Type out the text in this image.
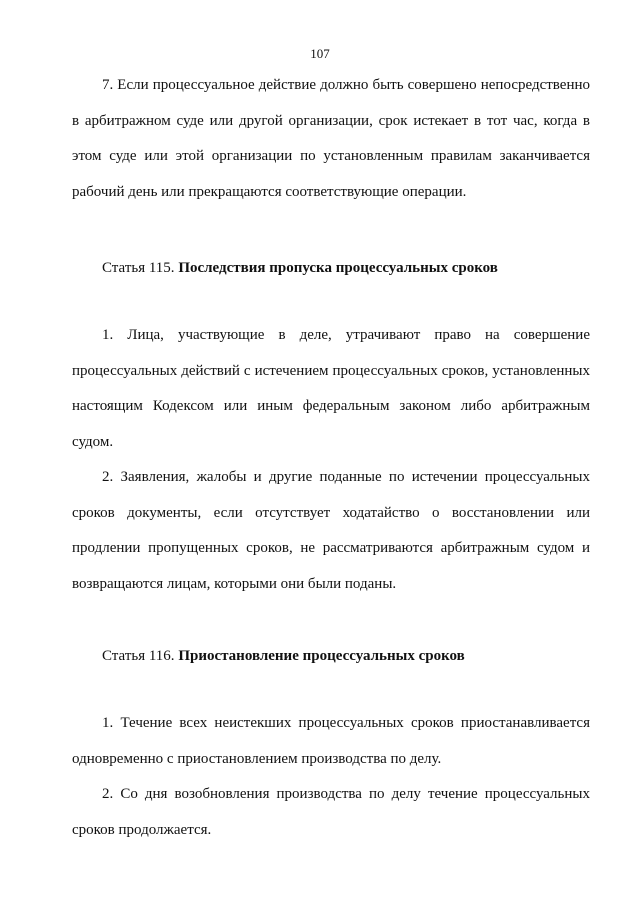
107

7. Если процессуальное действие должно быть совершено непосредственно в арбитражном суде или другой организации, срок истекает в тот час, когда в этом суде или этой организации по установленным правилам заканчивается рабочий день или прекращаются соответствующие операции.

Статья 115. Последствия пропуска процессуальных сроков

1. Лица, участвующие в деле, утрачивают право на совершение процессуальных действий с истечением процессуальных сроков, установленных настоящим Кодексом или иным федеральным законом либо арбитражным судом.

2. Заявления, жалобы и другие поданные по истечении процессуальных сроков документы, если отсутствует ходатайство о восстановлении или продлении пропущенных сроков, не рассматриваются арбитражным судом и возвращаются лицам, которыми они были поданы.

Статья 116. Приостановление процессуальных сроков

1. Течение всех неистекших процессуальных сроков приостанавливается одновременно с приостановлением производства по делу.

2. Со дня возобновления производства по делу течение процессуальных сроков продолжается.
